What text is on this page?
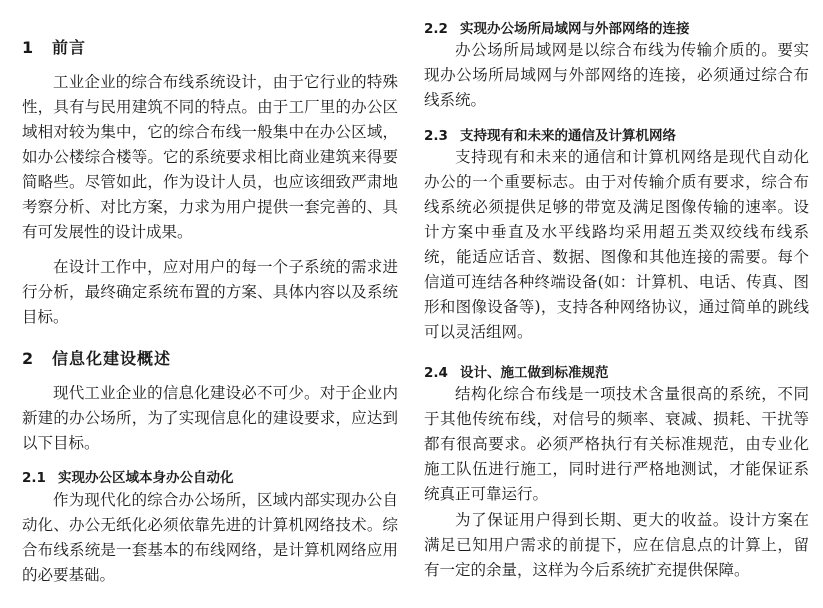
1 前言

工业企业的综合布线系统设计，由于它行业的特殊性，具有与民用建筑不同的特点。由于工厂里的办公区域相对较为集中，它的综合布线一般集中在办公区域，如办公楼综合楼等。它的系统要求相比商业建筑来得要简略些。尽管如此，作为设计人员，也应该细致严肃地考察分析、对比方案，力求为用户提供一套完善的、具有可发展性的设计成果。

在设计工作中，应对用户的每一个子系统的需求进行分析，最终确定系统布置的方案、具体内容以及系统目标。

2 信息化建设概述

现代工业企业的信息化建设必不可少。对于企业内新建的办公场所，为了实现信息化的建设要求，应达到以下目标。

2.1 实现办公区域本身办公自动化

作为现代化的综合办公场所，区域内部实现办公自动化、办公无纸化必须依靠先进的计算机网络技术。综合布线系统是一套基本的布线网络，是计算机网络应用的必要基础。

2.2 实现办公场所局域网与外部网络的连接

办公场所局域网是以综合布线为传输介质的。要实现办公场所局域网与外部网络的连接，必须通过综合布线系统。

2.3 支持现有和未来的通信及计算机网络

支持现有和未来的通信和计算机网络是现代自动化办公的一个重要标志。由于对传输介质有要求，综合布线系统必须提供足够的带宽及满足图像传输的速率。设计方案中垂直及水平线路均采用超五类双绞线布线系统，能适应话音、数据、图像和其他连接的需要。每个信道可连结各种终端设备(如：计算机、电话、传真、图形和图像设备等)，支持各种网络协议，通过简单的跳线可以灵活组网。

2.4 设计、施工做到标准规范

结构化综合布线是一项技术含量很高的系统，不同于其他传统布线，对信号的频率、衰减、损耗、干扰等都有很高要求。必须严格执行有关标准规范，由专业化施工队伍进行施工，同时进行严格地测试，才能保证系统真正可靠运行。

为了保证用户得到长期、更大的收益。设计方案在满足已知用户需求的前提下，应在信息点的计算上，留有一定的余量，这样为今后系统扩充提供保障。
